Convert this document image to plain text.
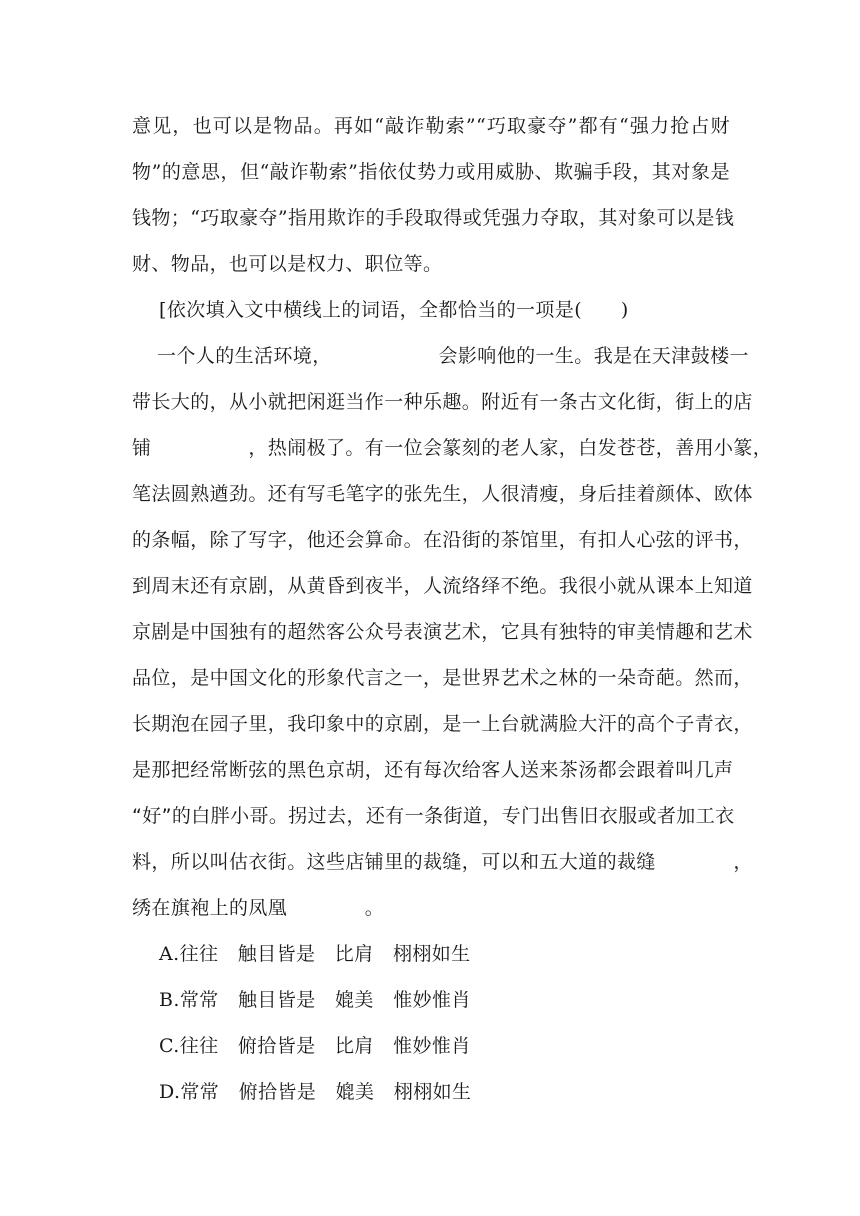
意见，也可以是物品。再如“敲诈勒索”“巧取豪夺”都有“强力抢占财
物”的意思，但“敲诈勒索”指依仗势力或用威胁、欺骗手段，其对象是
钱物；“巧取豪夺”指用欺诈的手段取得或凭强力夺取，其对象可以是钱
财、物品，也可以是权力、职位等。
[依次填入文中横线上的词语，全都恰当的一项是(　　)
一个人的生活环境，　　　　　　会影响他的一生。我是在天津鼓楼一
带长大的，从小就把闲逛当作一种乐趣。附近有一条古文化街，街上的店
铺　　　　　，热闹极了。有一位会篆刻的老人家，白发苍苍，善用小篆，
笔法圆熟遒劲。还有写毛笔字的张先生，人很清瘦，身后挂着颜体、欧体
的条幅，除了写字，他还会算命。在沿街的茶馆里，有扣人心弦的评书，
到周末还有京剧，从黄昏到夜半，人流络绎不绝。我很小就从课本上知道
京剧是中国独有的超然客公众号表演艺术，它具有独特的审美情趣和艺术
品位，是中国文化的形象代言之一，是世界艺术之林的一朵奇葩。然而，
长期泡在园子里，我印象中的京剧，是一上台就满脸大汗的高个子青衣，
是那把经常断弦的黑色京胡，还有每次给客人送来茶汤都会跟着叫几声
“好”的白胖小哥。拐过去，还有一条街道，专门出售旧衣服或者加工衣
料，所以叫估衣街。这些店铺里的裁缝，可以和五大道的裁缝　　　　，
绣在旗袍上的凤凰　　　　。
A.往往　触目皆是　比肩　栩栩如生
B.常常　触目皆是　媲美　惟妙惟肖
C.往往　俯拾皆是　比肩　惟妙惟肖
D.常常　俯拾皆是　媲美　栩栩如生
